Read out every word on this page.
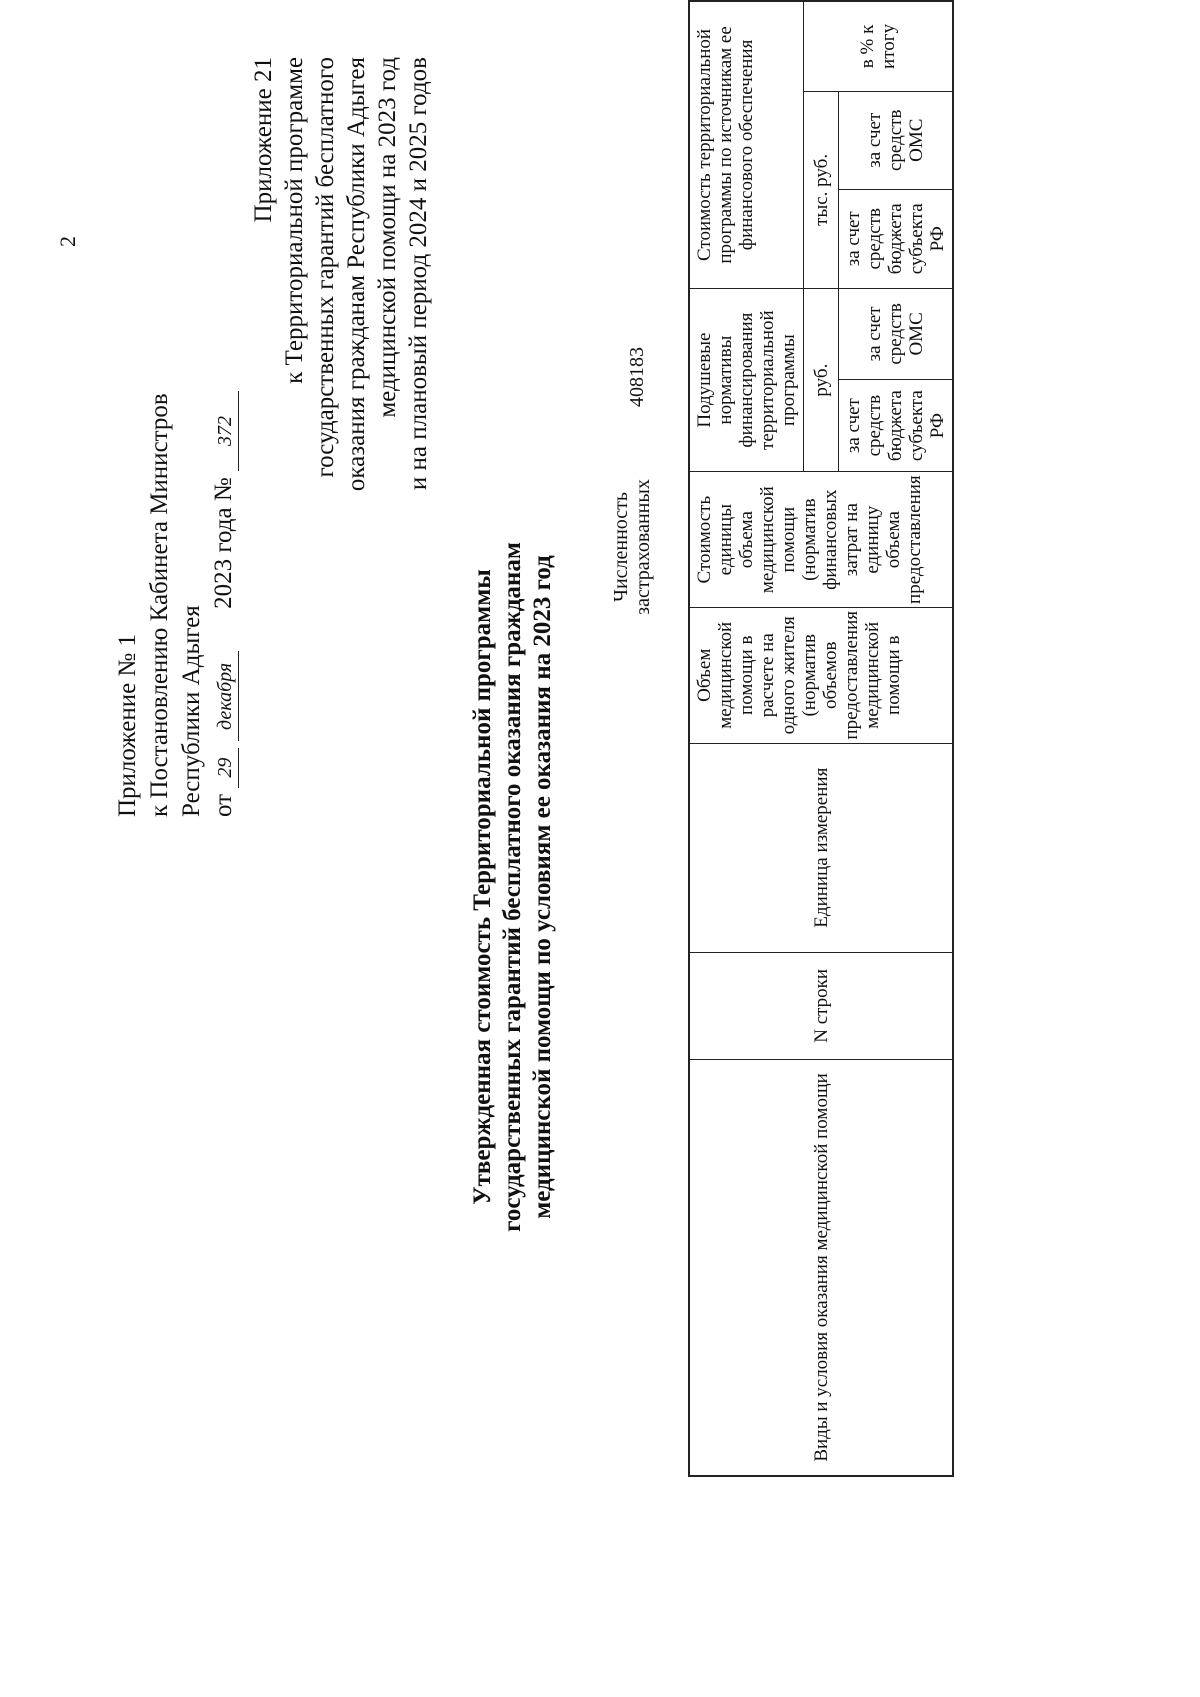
2
Приложение № 1 к Постановлению Кабинета Министров Республики Адыгея от 29 декабря  2023 года № 372
Приложение 21 к Территориальной программе государственных гарантий бесплатного оказания гражданам Республики Адыгея медицинской помощи на 2023 год и на плановый период 2024 и 2025 годов
Утвержденная стоимость Территориальной программы государственных гарантий бесплатного оказания гражданам медицинской помощи по условиям ее оказания на 2023 год
Численность застрахованных
408183
Виды и условия оказания медицинской помощи	N строки	Единица измерения	Объем медицинской помощи в расчете на одного жителя (норматив объемов предоставления медицинской помощи в	Стоимость единицы объема медицинской помощи (норматив финансовых затрат на единицу объема предоставления	Подушевые нормативы финансирования территориальной программы		Стоимость территориальной программы по источникам ее финансового обеспечения		
					руб.		тыс. руб.		в % к итогу
					за счет средств бюджета субъекта РФ	за счет средств ОМС	за счет средств бюджета субъекта РФ	за счет средств ОМС	
